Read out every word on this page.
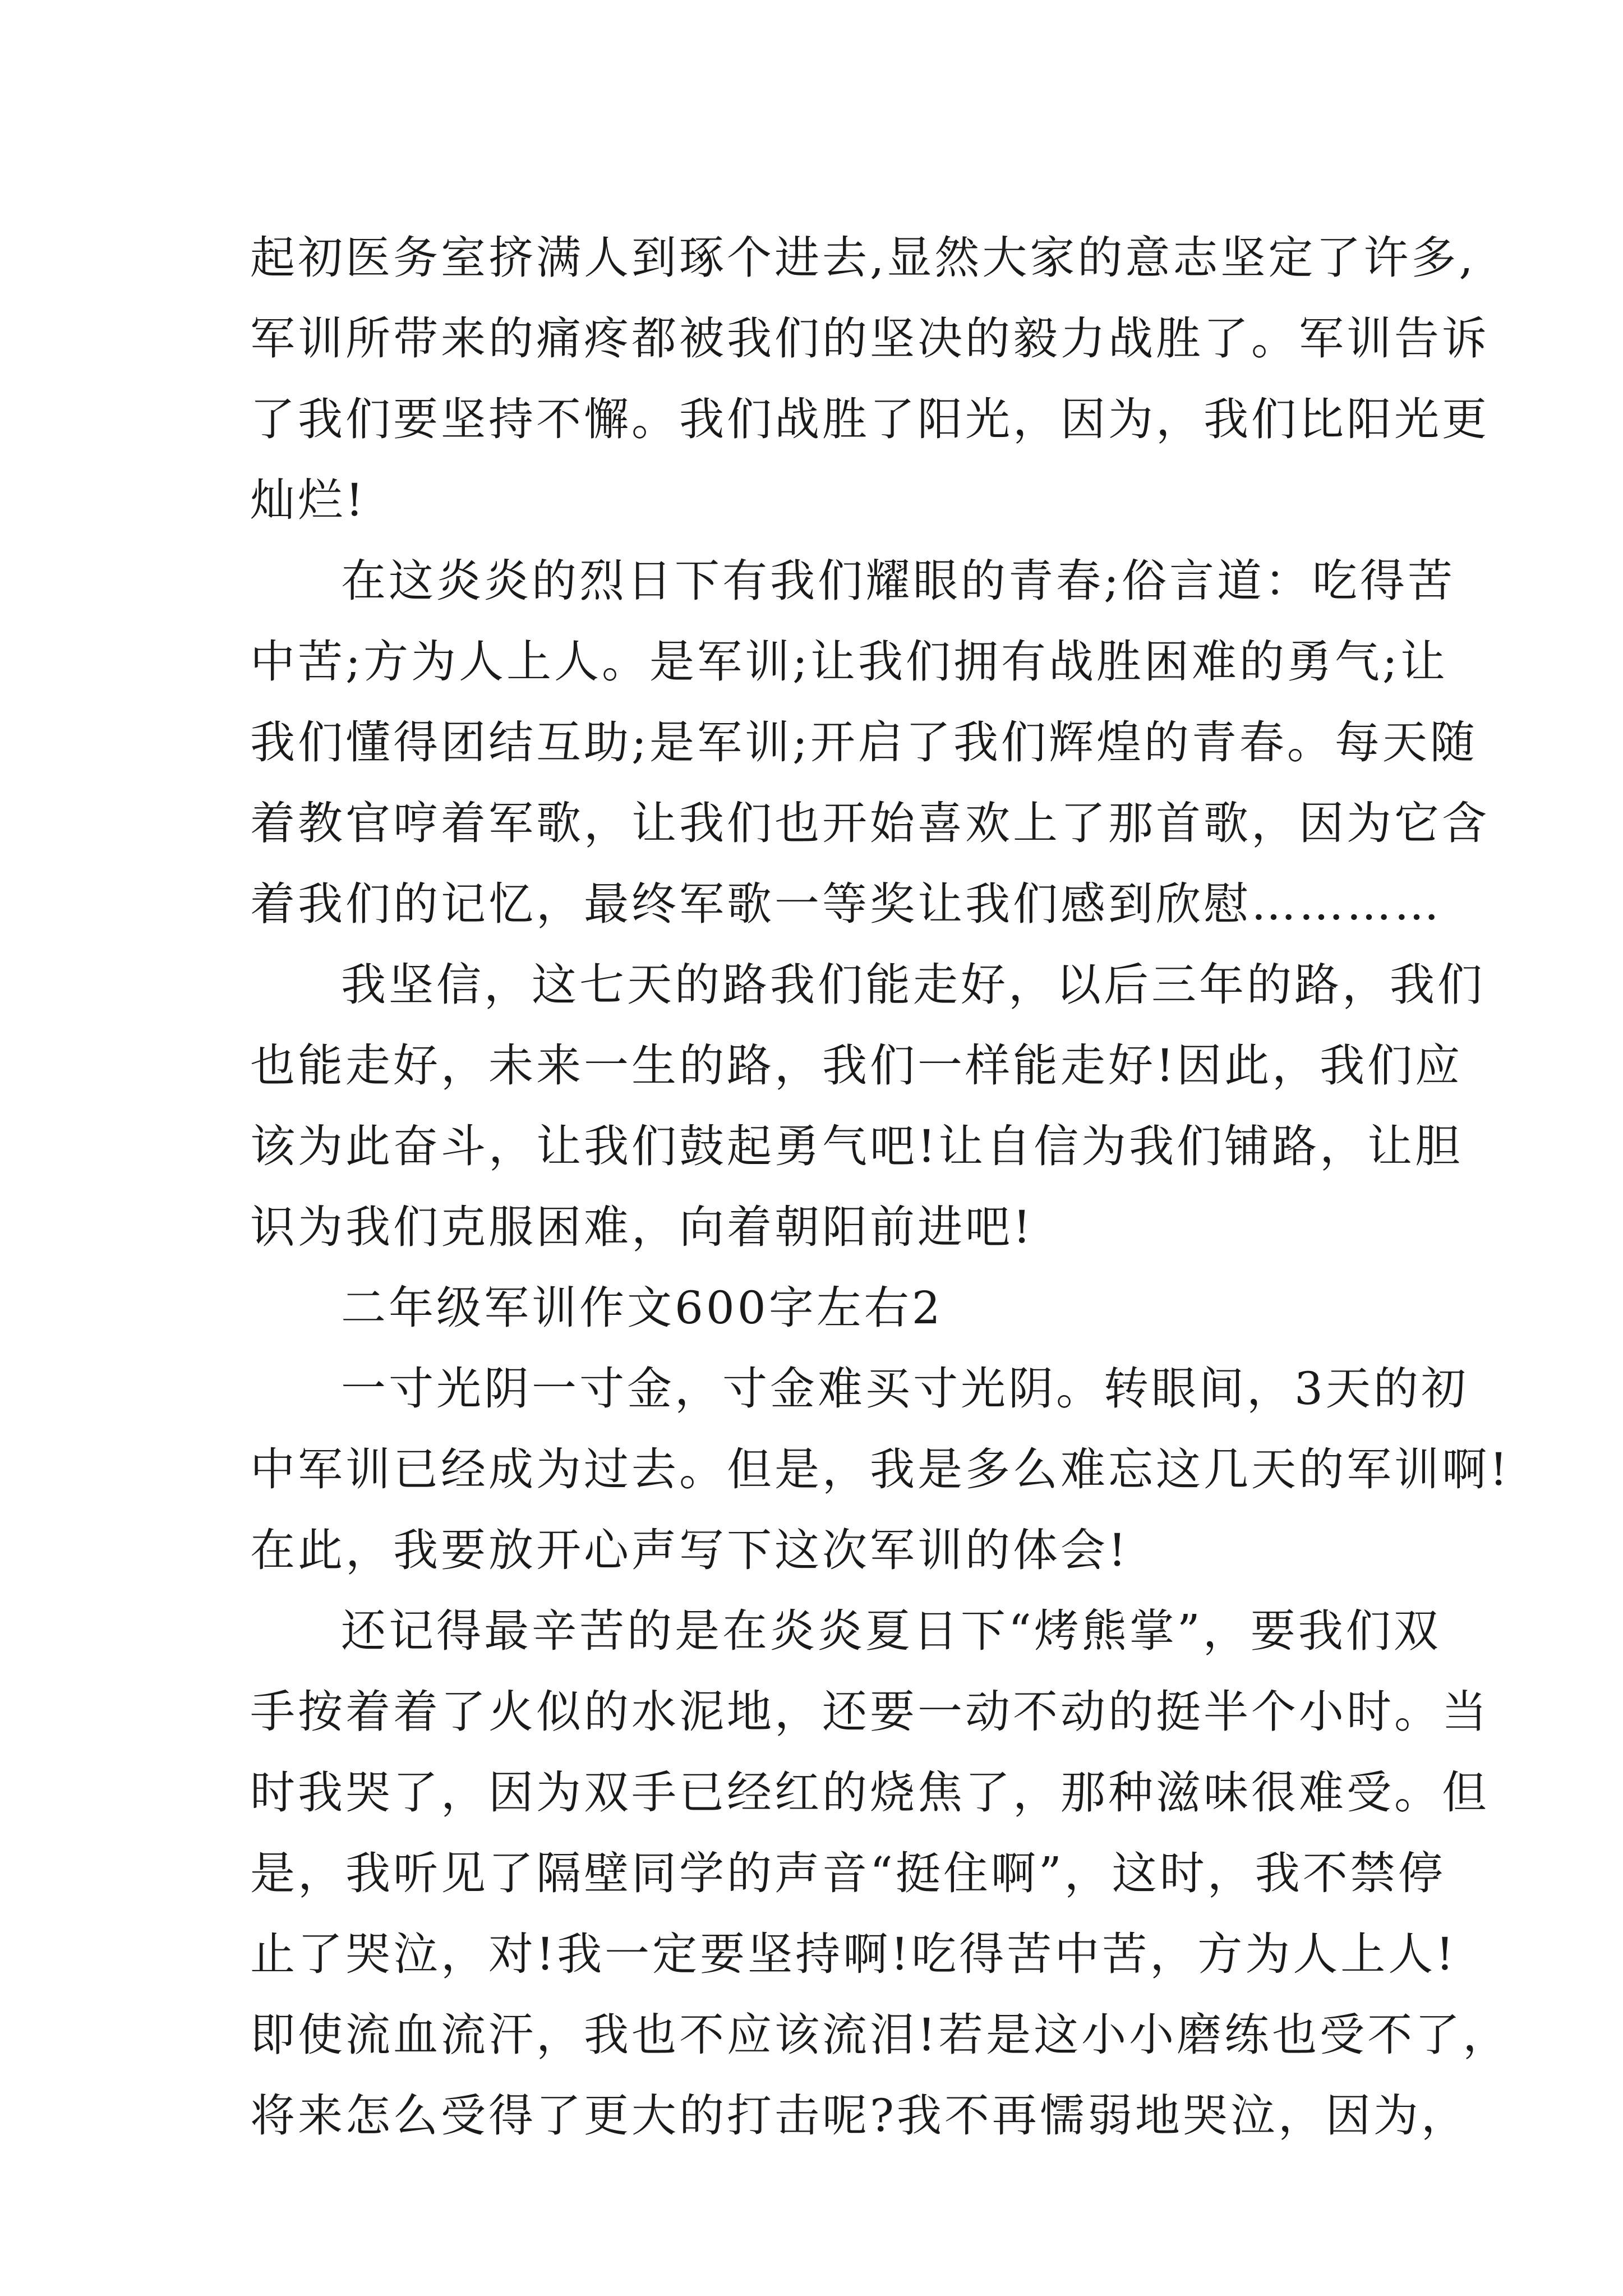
起初医务室挤满人到琢个进去,显然大家的意志坚定了许多,
军训所带来的痛疼都被我们的坚决的毅力战胜了。军训告诉
了我们要坚持不懈。我们战胜了阳光，因为，我们比阳光更
灿烂!
在这炎炎的烈日下有我们耀眼的青春;俗言道：吃得苦
中苦;方为人上人。是军训;让我们拥有战胜困难的勇气;让
我们懂得团结互助;是军训;开启了我们辉煌的青春。每天随
着教官哼着军歌，让我们也开始喜欢上了那首歌，因为它含
着我们的记忆，最终军歌一等奖让我们感到欣慰…………
我坚信，这七天的路我们能走好，以后三年的路，我们
也能走好，未来一生的路，我们一样能走好!因此，我们应
该为此奋斗，让我们鼓起勇气吧!让自信为我们铺路，让胆
识为我们克服困难，向着朝阳前进吧!
二年级军训作文600字左右2
一寸光阴一寸金，寸金难买寸光阴。转眼间，3天的初
中军训已经成为过去。但是，我是多么难忘这几天的军训啊!
在此，我要放开心声写下这次军训的体会!
还记得最辛苦的是在炎炎夏日下“烤熊掌”，要我们双
手按着着了火似的水泥地，还要一动不动的挺半个小时。当
时我哭了，因为双手已经红的烧焦了，那种滋味很难受。但
是，我听见了隔壁同学的声音“挺住啊”，这时，我不禁停
止了哭泣，对!我一定要坚持啊!吃得苦中苦，方为人上人!
即使流血流汗，我也不应该流泪!若是这小小磨练也受不了，
将来怎么受得了更大的打击呢?我不再懦弱地哭泣，因为，
